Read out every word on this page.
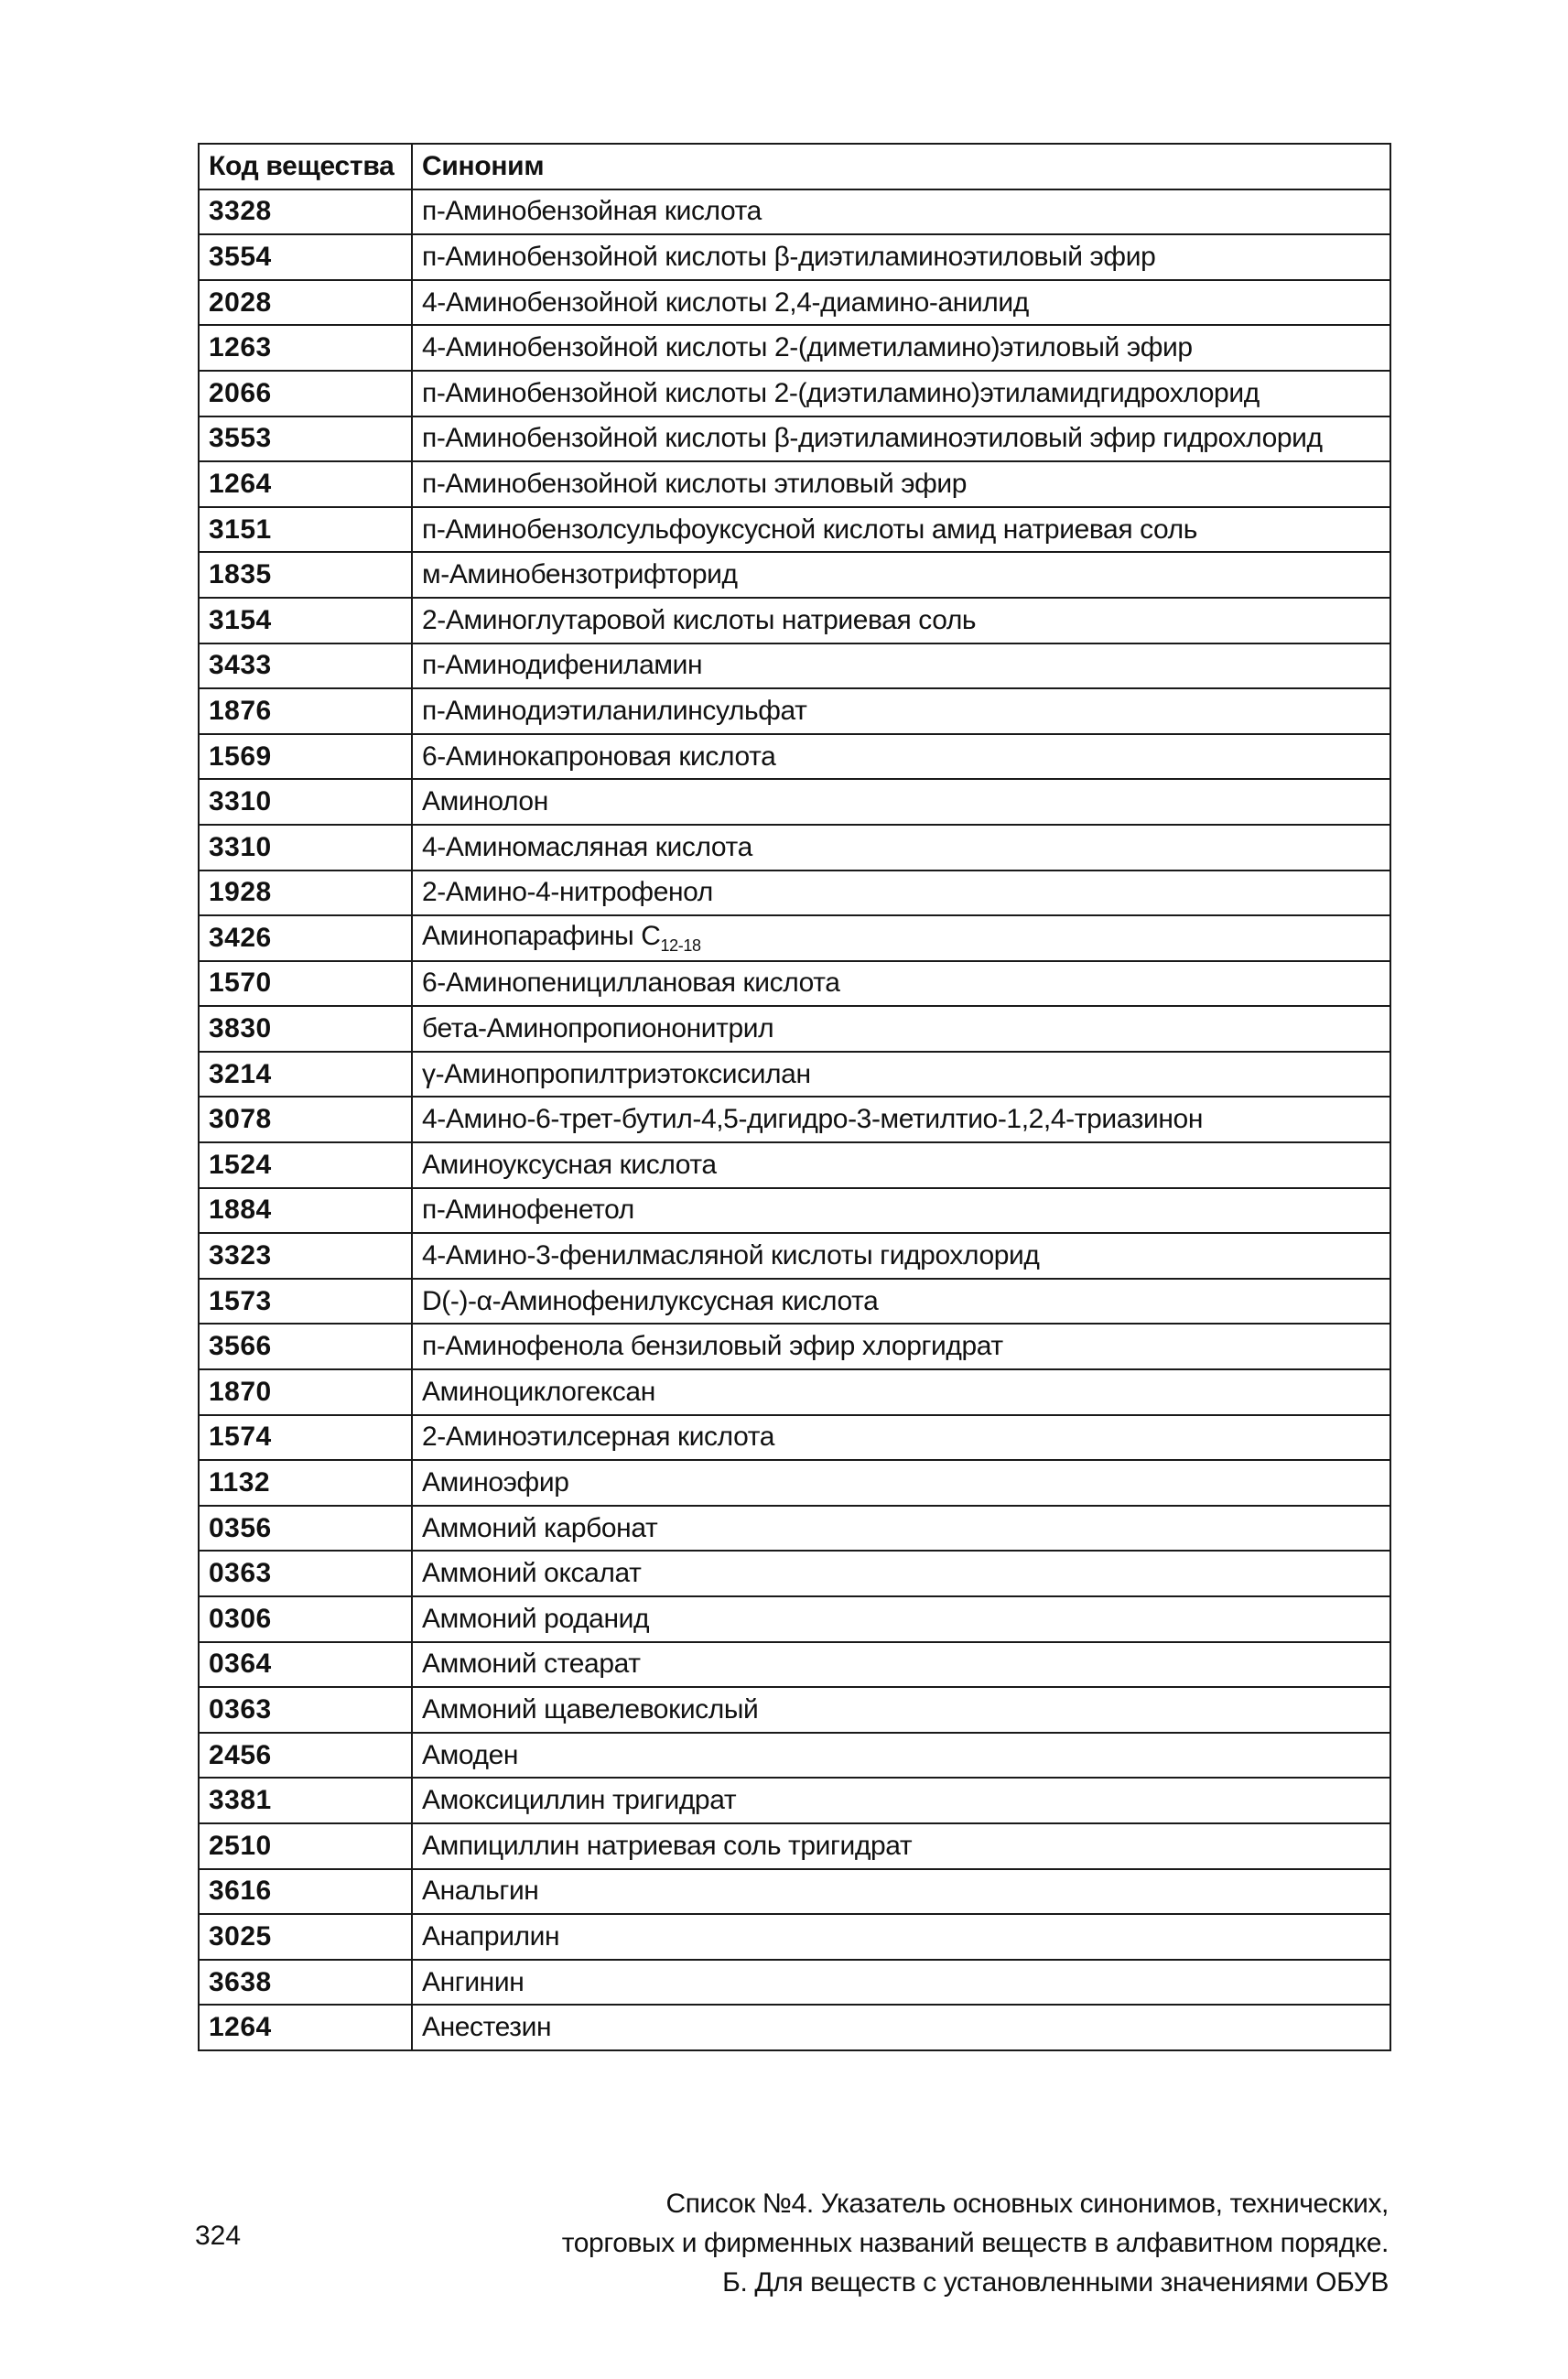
Код вещества	Синоним
3328	п-Аминобензойная кислота
3554	п-Аминобензойной кислоты β-диэтиламиноэтиловый эфир
2028	4-Аминобензойной кислоты 2,4-диамино-анилид
1263	4-Аминобензойной кислоты 2-(диметиламино)этиловый эфир
2066	п-Аминобензойной кислоты 2-(диэтиламино)этиламидгидрохлорид
3553	п-Аминобензойной кислоты β-диэтиламиноэтиловый эфир гидрохлорид
1264	п-Аминобензойной кислоты этиловый эфир
3151	п-Аминобензолсульфоуксусной кислоты амид натриевая соль
1835	м-Аминобензотрифторид
3154	2-Аминоглутаровой кислоты натриевая соль
3433	п-Аминодифениламин
1876	п-Аминодиэтиланилинсульфат
1569	6-Аминокапроновая кислота
3310	Аминолон
3310	4-Аминомасляная кислота
1928	2-Амино-4-нитрофенол
3426	Аминопарафины $С_{12-18}$
1570	6-Аминопенициллановая кислота
3830	бета-Аминопропиононитрил
3214	γ-Аминопропилтриэтоксисилан
3078	4-Амино-6-трет-бутил-4,5-дигидро-3-метилтио-1,2,4-триазинон
1524	Аминоуксусная кислота
1884	п-Аминофенетол
3323	4-Амино-3-фенилмасляной кислоты гидрохлорид
1573	D(-)-α-Аминофенилуксусная кислота
3566	п-Аминофенола бензиловый эфир хлоргидрат
1870	Аминоциклогексан
1574	2-Аминоэтилсерная кислота
1132	Аминоэфир
0356	Аммоний карбонат
0363	Аммоний оксалат
0306	Аммоний роданид
0364	Аммоний стеарат
0363	Аммоний щавелевокислый
2456	Амоден
3381	Амоксициллин тригидрат
2510	Ампициллин натриевая соль тригидрат
3616	Анальгин
3025	Анаприлин
3638	Ангинин
1264	Анестезин
324
Список №4. Указатель основных синонимов, технических,
торговых и фирменных названий веществ в алфавитном порядке.
Б. Для веществ с установленными значениями ОБУВ
